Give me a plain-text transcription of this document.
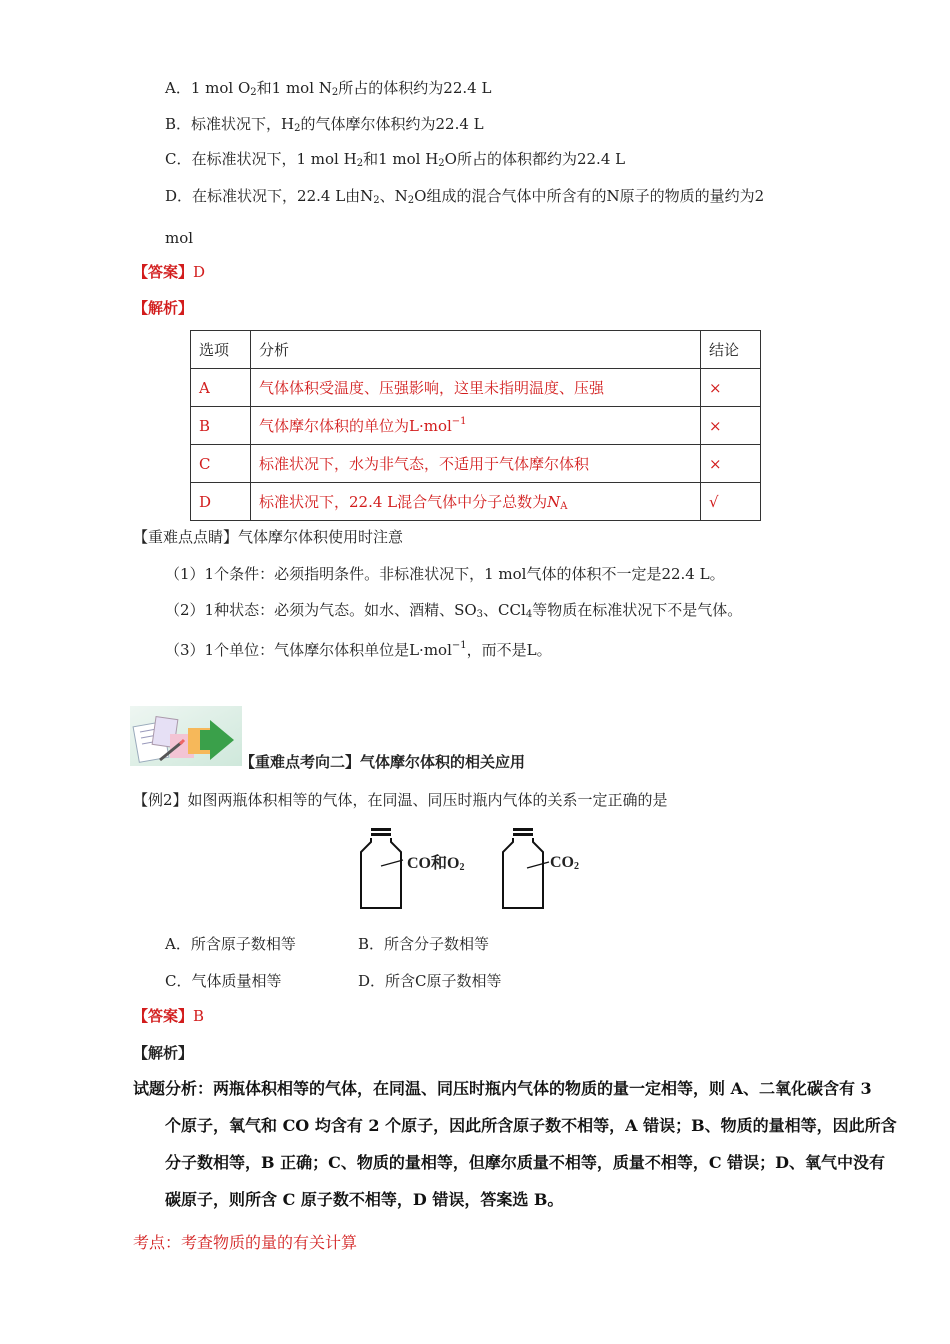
A．1 mol $O_2$和1 mol $N_2$所占的体积约为22.4 L
B．标准状况下，$H_2$的气体摩尔体积约为22.4 L
C．在标准状况下，1 mol $H_2$和1 mol $H_2O$所占的体积都约为22.4 L
D．在标准状况下，22.4 L由$N_2$、$N_2O$组成的混合气体中所含有的N原子的物质的量约为2
mol
【答案】D
【解析】
选项	分析	结论
A	气体体积受温度、压强影响，这里未指明温度、压强	×
B	气体摩尔体积的单位为L·mol$^{-1}$	×
C	标准状况下，水为非气态，不适用于气体摩尔体积	×
D	标准状况下，22.4 L混合气体中分子总数为$N_A$	√
【重难点点睛】气体摩尔体积使用时注意
（1）1个条件：必须指明条件。非标准状况下，1 mol气体的体积不一定是22.4 L。
（2）1种状态：必须为气态。如水、酒精、$SO_3$、CCl$_4$等物质在标准状况下不是气体。
（3）1个单位：气体摩尔体积单位是L·mol$^{-1}$，而不是L。
【重难点考向二】气体摩尔体积的相关应用
【例2】如图两瓶体积相等的气体，在同温、同压时瓶内气体的关系一定正确的是
CO和$O_2$	$CO_2$
A．所含原子数相等	B．所含分子数相等
C．气体质量相等	D．所含C原子数相等
【答案】B
【解析】
试题分析：两瓶体积相等的气体，在同温、同压时瓶内气体的物质的量一定相等，则 A、二氧化碳含有 3
个原子，氧气和 CO 均含有 2 个原子，因此所含原子数不相等，A 错误；B、物质的量相等，因此所含
分子数相等，B 正确；C、物质的量相等，但摩尔质量不相等，质量不相等，C 错误；D、氧气中没有
碳原子，则所含 C 原子数不相等，D 错误，答案选 B。
考点：考查物质的量的有关计算
